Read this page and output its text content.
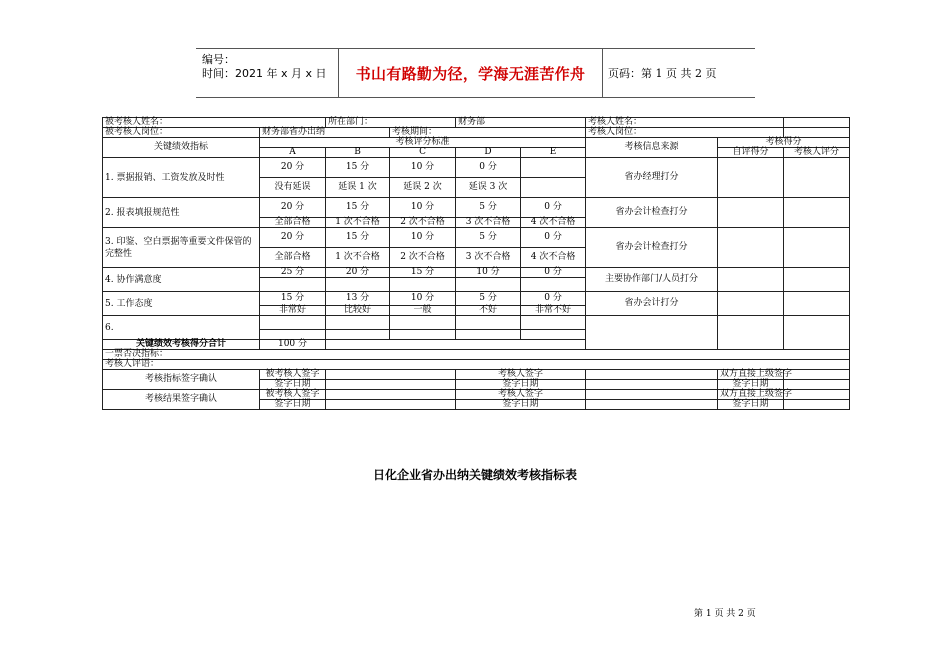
编号：
时间：2021 年 x 月 x 日	书山有路勤为径，学海无涯苦作舟	页码：第 1 页 共 2 页
被考核人姓名：		所在部门：		财务部		考核人姓名：		
被考核人岗位：	财务部省办出纳		考核期间：			考核人岗位：		
关键绩效指标	考核评分标准					考核信息来源	考核得分	
	A	B	C	D	E		自评得分	考核人评分
1. 票据报销、工资发放及时性	20 分	15 分	10 分	0 分		省办经理打分		
	没有延误	延误 1 次	延误 2 次	延误 3 次				
2. 报表填报规范性	20 分	15 分	10 分	5 分	0 分	省办会计检查打分		
	全部合格	1 次不合格	2 次不合格	3 次不合格	4 次不合格			
3. 印鉴、空白票据等重要文件保管的完整性	20 分	15 分	10 分	5 分	0 分	省办会计检查打分		
	全部合格	1 次不合格	2 次不合格	3 次不合格	4 次不合格			
4. 协作满意度	25 分	20 分	15 分	10 分	0 分	主要协作部门/人员打分		

5. 工作态度	15 分	13 分	10 分	5 分	0 分	省办会计打分		
	非常好	比较好	一般	不好	非常不好			
6.								

关键绩效考核得分合计	100 分							
一票否决指标：								
考核人评语：								
考核指标签字确认	被考核人签字			考核人签字			双方直接上级签字	
	签字日期			签字日期			签字日期	
考核结果签字确认	被考核人签字			考核人签字			双方直接上级签字	
	签字日期			签字日期			签字日期	
日化企业省办出纳关键绩效考核指标表
第 1 页 共 2 页
